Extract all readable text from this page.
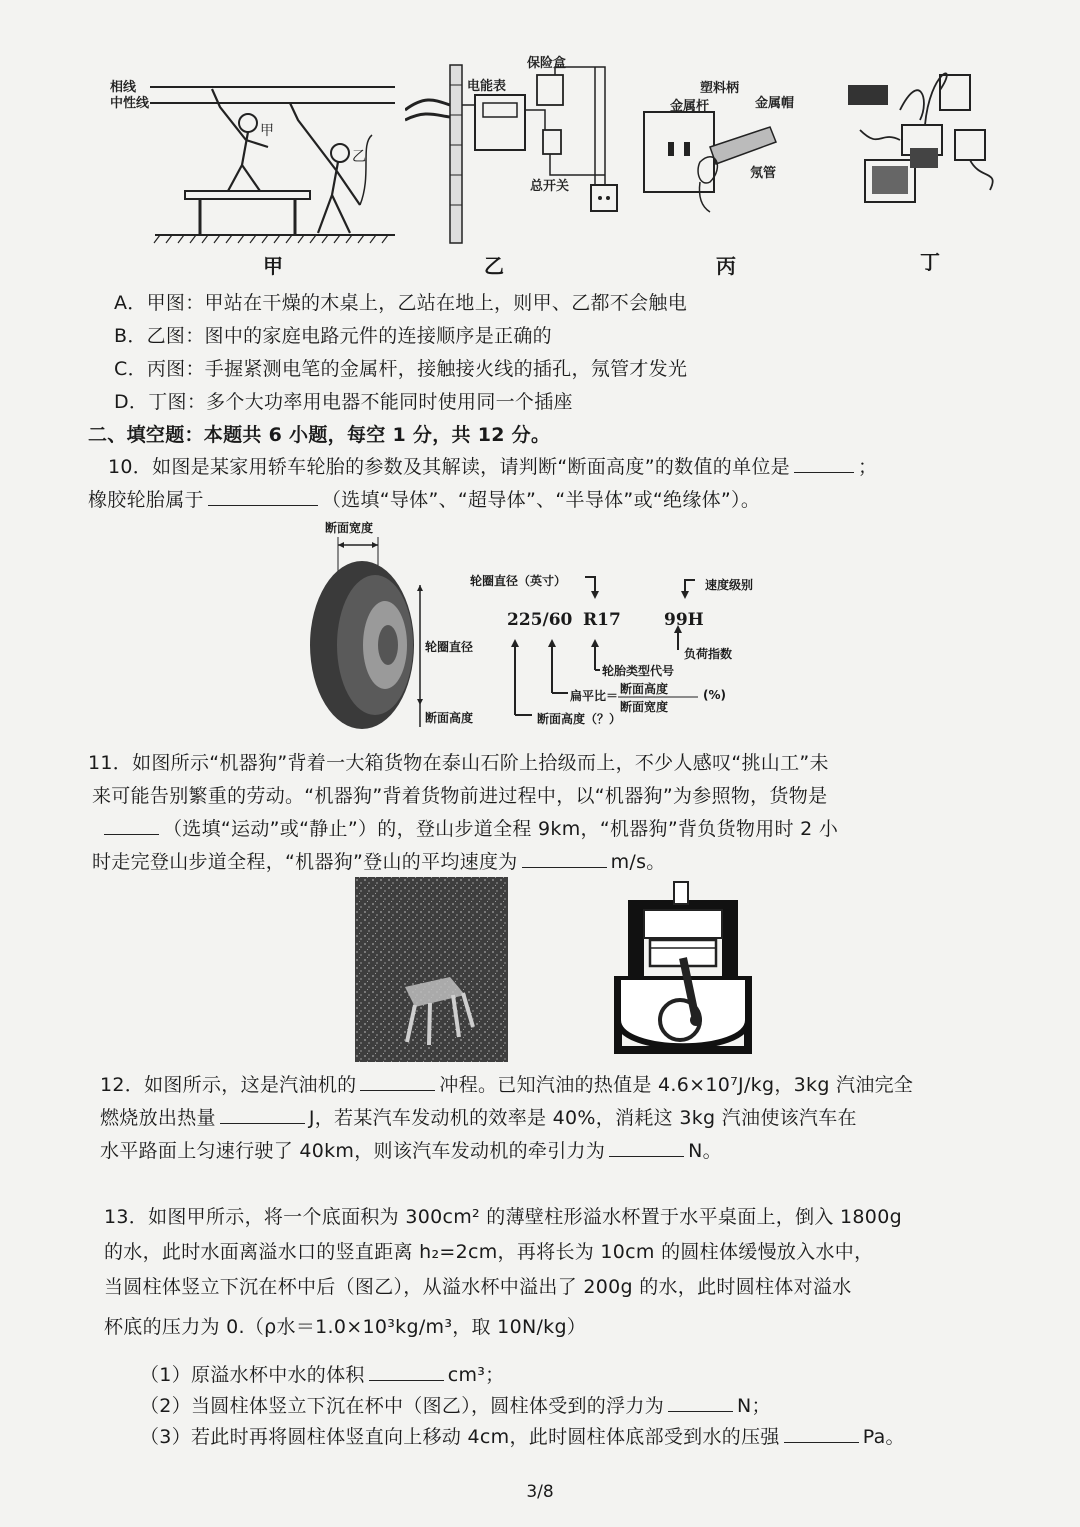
相线
中性线
甲
乙
甲
电能表
保险盒
总开关
乙
塑料柄
金属帽
金属杆
氖管
丙	丁
A．甲图：甲站在干燥的木桌上，乙站在地上，则甲、乙都不会触电
B．乙图：图中的家庭电路元件的连接顺序是正确的
C．丙图：手握紧测电笔的金属杆，接触接火线的插孔，氖管才发光
D．丁图：多个大功率用电器不能同时使用同一个插座
二、填空题：本题共 6 小题，每空 1 分，共 12 分。
10．如图是某家用轿车轮胎的参数及其解读，请判断“断面高度”的数值的单位是	；
橡胶轮胎属于	（选填“导体”、“超导体”、“半导体”或“绝缘体”）。
断面宽度
轮圈直径
断面高度
轮圈直径（英寸）	速度级别
225/60 R17	99H
负荷指数
轮胎类型代号
扁平比＝ 断面高度
断面宽度
(%)
断面高度（？）
11．如图所示“机器狗”背着一大箱货物在泰山石阶上拾级而上，不少人感叹“挑山工”未
来可能告别繁重的劳动。“机器狗”背着货物前进过程中，以“机器狗”为参照物，货物是
（选填“运动”或“静止”）的，登山步道全程 9km，“机器狗”背负货物用时 2 小
时走完登山步道全程，“机器狗”登山的平均速度为	m/s。
12．如图所示，这是汽油机的	冲程。已知汽油的热值是 4.6×10⁷J/kg，3kg 汽油完全
燃烧放出热量	J，若某汽车发动机的效率是 40%，消耗这 3kg 汽油使该汽车在
水平路面上匀速行驶了 40km，则该汽车发动机的牵引力为	N。
13．如图甲所示，将一个底面积为 300cm² 的薄壁柱形溢水杯置于水平桌面上，倒入 1800g
的水，此时水面离溢水口的竖直距离 h₂=2cm，再将长为 10cm 的圆柱体缓慢放入水中，
当圆柱体竖立下沉在杯中后（图乙），从溢水杯中溢出了 200g 的水，此时圆柱体对溢水
杯底的压力为 0.（ρ水＝1.0×10³kg/m³，取 10N/kg）
（1）原溢水杯中水的体积	cm³；
（2）当圆柱体竖立下沉在杯中（图乙），圆柱体受到的浮力为	N；
（3）若此时再将圆柱体竖直向上移动 4cm，此时圆柱体底部受到水的压强	Pa。
3/8
